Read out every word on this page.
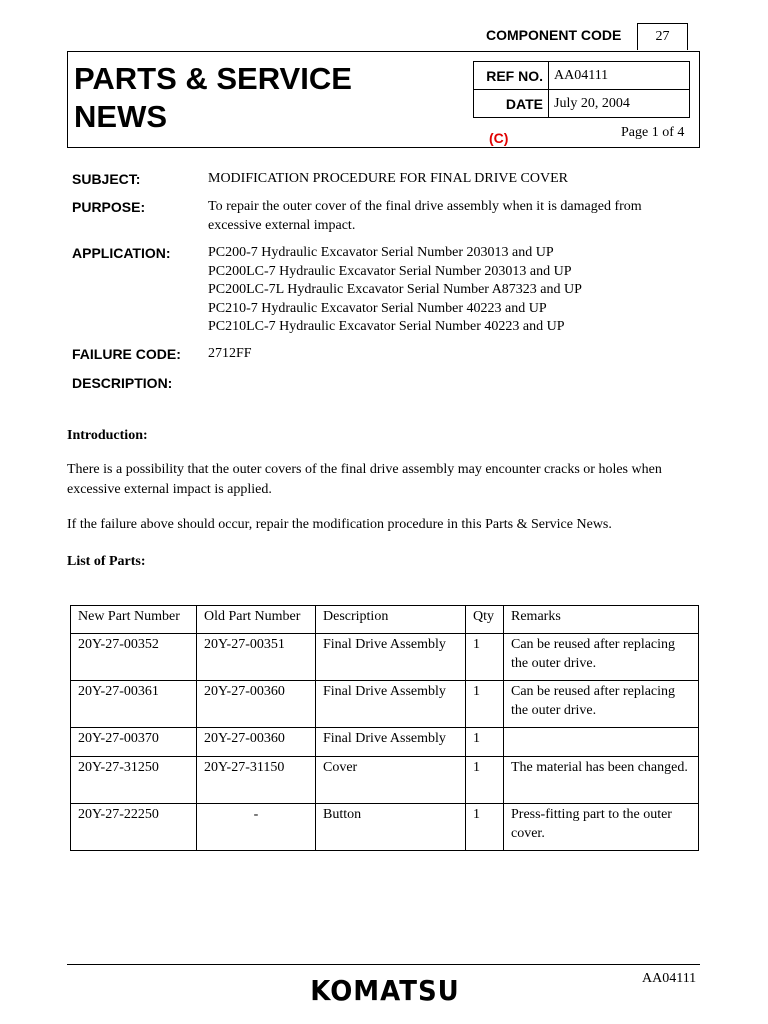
COMPONENT CODE	27
PARTS & SERVICE
NEWS
REF NO.	AA04111
DATE	July 20, 2004
(C)	Page 1 of 4
SUBJECT:	MODIFICATION PROCEDURE FOR FINAL DRIVE COVER
PURPOSE:	To repair the outer cover of the final drive assembly when it is damaged from excessive external impact.
APPLICATION:	PC200-7 Hydraulic Excavator Serial Number 203013 and UP
PC200LC-7 Hydraulic Excavator Serial Number 203013 and UP
PC200LC-7L Hydraulic Excavator Serial Number A87323 and UP
PC210-7 Hydraulic Excavator Serial Number 40223 and UP
PC210LC-7 Hydraulic Excavator Serial Number 40223 and UP
FAILURE CODE: 2712FF
DESCRIPTION:
Introduction:
There is a possibility that the outer covers of the final drive assembly may encounter cracks or holes when excessive external impact is applied.
If the failure above should occur, repair the modification procedure in this Parts & Service News.
List of Parts:
New Part Number	Old Part Number	Description	Qty	Remarks
20Y-27-00352	20Y-27-00351	Final Drive Assembly	1	Can be reused after replacing the outer drive.
20Y-27-00361	20Y-27-00360	Final Drive Assembly	1	Can be reused after replacing the outer drive.
20Y-27-00370	20Y-27-00360	Final Drive Assembly	1	
20Y-27-31250	20Y-27-31150	Cover	1	The material has been changed.
20Y-27-22250	-	Button	1	Press-fitting part to the outer cover.
KOMATSU	AA04111
